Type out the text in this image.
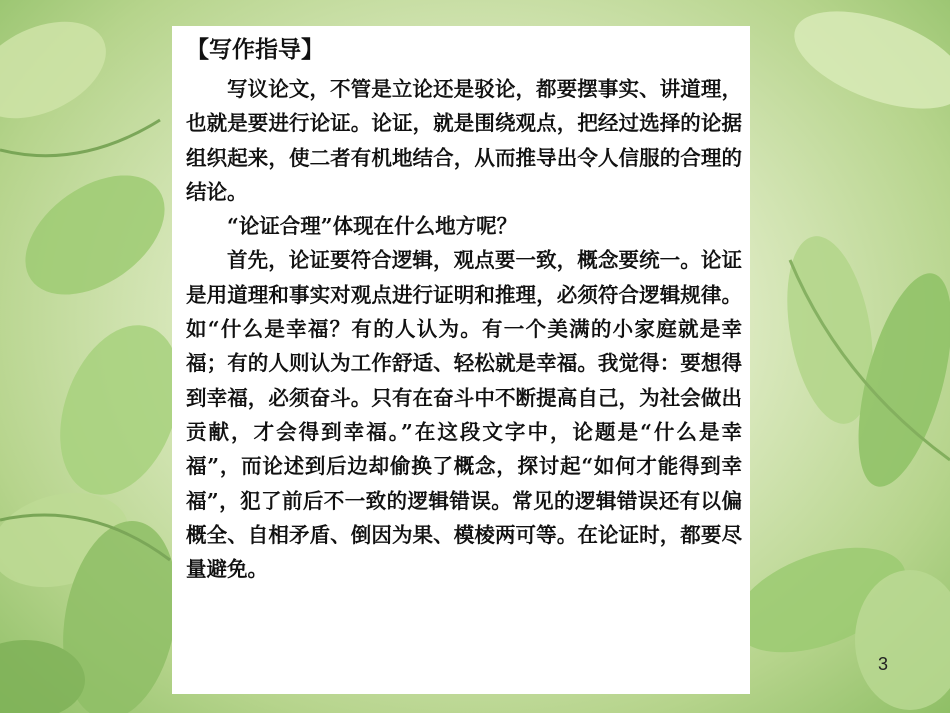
【写作指导】

写议论文，不管是立论还是驳论，都要摆事实、讲道理，也就是要进行论证。论证，就是围绕观点，把经过选择的论据组织起来，使二者有机地结合，从而推导出令人信服的合理的结论。

“论证合理”体现在什么地方呢？

首先，论证要符合逻辑，观点要一致，概念要统一。论证是用道理和事实对观点进行证明和推理，必须符合逻辑规律。如“什么是幸福？有的人认为。有一个美满的小家庭就是幸福；有的人则认为工作舒适、轻松就是幸福。我觉得：要想得到幸福，必须奋斗。只有在奋斗中不断提高自己，为社会做出贡献，才会得到幸福。”在这段文字中，论题是“什么是幸福”，而论述到后边却偷换了概念，探讨起“如何才能得到幸福”，犯了前后不一致的逻辑错误。常见的逻辑错误还有以偏概全、自相矛盾、倒因为果、模棱两可等。在论证时，都要尽量避免。

3
